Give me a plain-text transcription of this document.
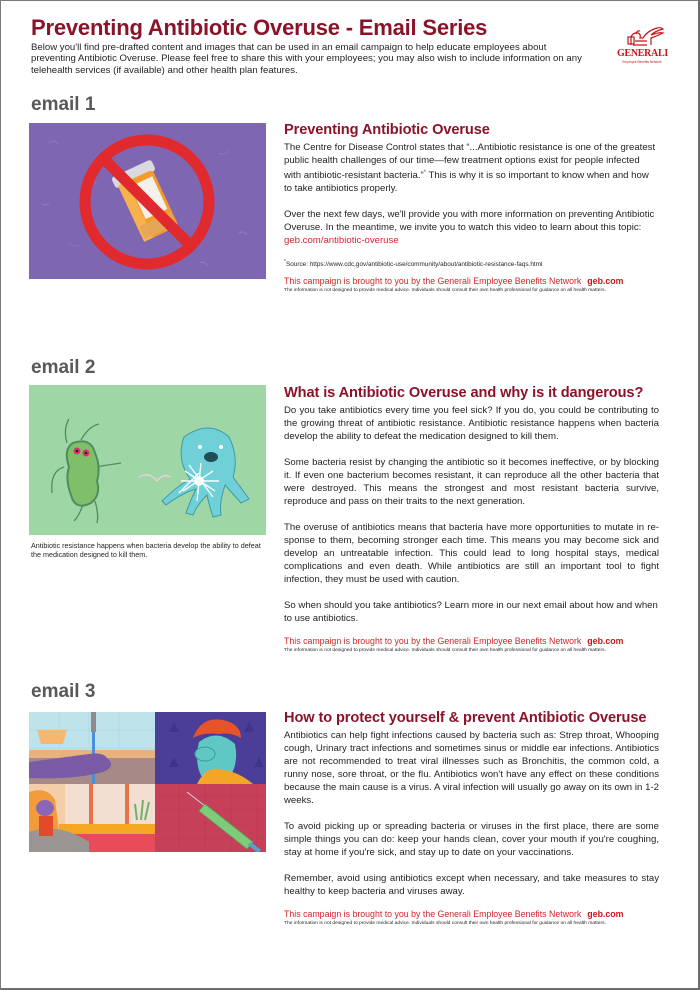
Preventing Antibiotic Overuse - Email Series

Below you'll find pre-drafted content and images that can be used in an email campaign to help educate employees about preventing Antibiotic Overuse. Please feel free to share this with your employees; you may also wish to include information on any telehealth services (if available) and other health plan features.

GENERALI
Employee Benefits Network
email 1
Preventing Antibiotic Overuse

The Centre for Disease Control states that “...Antibiotic resistance is one of the greatest public health challenges of our time—few treatment options exist for people infected with antibiotic-resistant bacteria.”* This is why it is so important to know when and how to take antibiotics properly.

Over the next few days, we'll provide you with more information on preventing Antibiotic Overuse. In the meantime, we invite you to watch this video to learn about this topic:
geb.com/antibiotic-overuse

*Source: https://www.cdc.gov/antibiotic-use/community/about/antibiotic-resistance-faqs.html

This campaign is brought to you by the Generali Employee Benefits Network geb.com

The information is not designed to provide medical advice. Individuals should consult their own health professional for guidance on all health matters.

email 2

Antibiotic resistance happens when bacteria develop the ability to defeat the medication designed to kill them.

What is Antibiotic Overuse and why is it dangerous?

Do you take antibiotics every time you feel sick? If you do, you could be contributing to the growing threat of antibiotic resistance. Antibiotic resistance happens when bacteria develop the ability to defeat the medication designed to kill them.

Some bacteria resist by changing the antibiotic so it becomes ineffective, or by blocking it. If even one bacterium becomes resistant, it can reproduce all the other bacteria that were destroyed. This means the strongest and most resistant bacteria survive, reproduce and pass on their traits to the next generation.

The overuse of antibiotics means that bacteria have more opportunities to mutate in response to them, becoming stronger each time. This means you may become sick and develop an untreatable infection. This could lead to long hospital stays, medical complications and even death. While antibiotics are still an important tool to fight infection, they must be used with caution.

So when should you take antibiotics? Learn more in our next email about how and when to use antibiotics.

This campaign is brought to you by the Generali Employee Benefits Network geb.com

The information is not designed to provide medical advice. Individuals should consult their own health professional for guidance on all health matters.

email 3
How to protect yourself & prevent Antibiotic Overuse

Antibiotics can help fight infections caused by bacteria such as: Strep throat, Whooping cough, Urinary tract infections and sometimes sinus or middle ear infections. Antibiotics are not recommended to treat viral illnesses such as Bronchitis, the common cold, a runny nose, sore throat, or the flu. Antibiotics won't have any effect on these conditions because the main cause is a virus. A viral infection will usually go away on its own in 1-2 weeks.

To avoid picking up or spreading bacteria or viruses in the first place, there are some simple things you can do: keep your hands clean, cover your mouth if you're coughing, stay at home if you're sick, and stay up to date on your vaccinations.

Remember, avoid using antibiotics except when necessary, and take measures to stay healthy to keep bacteria and viruses away.

This campaign is brought to you by the Generali Employee Benefits Network geb.com

The information is not designed to provide medical advice. Individuals should consult their own health professional for guidance on all health matters.
